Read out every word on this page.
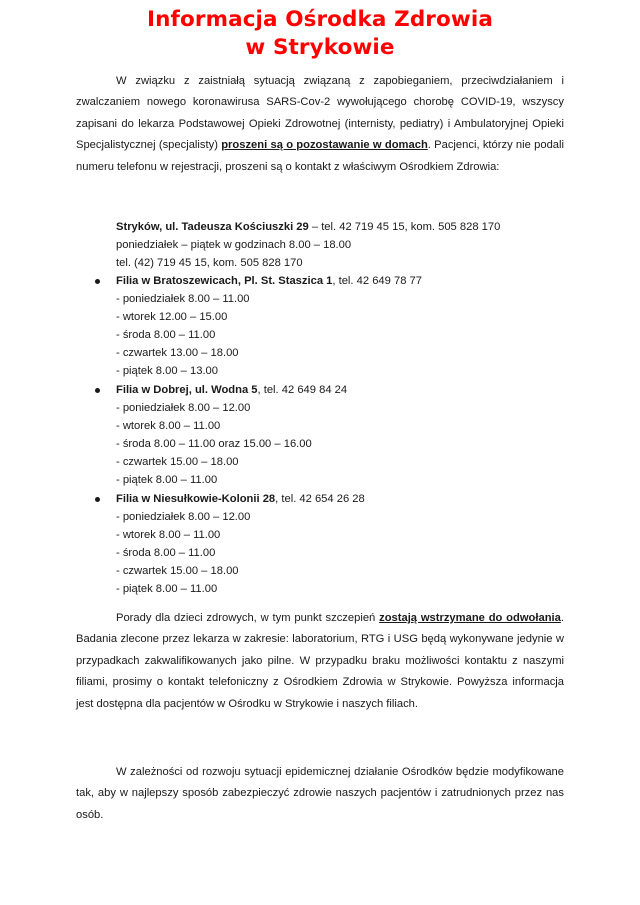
Informacja Ośrodka Zdrowia
w Strykowie

W związku z zaistniałą sytuacją związaną z zapobieganiem, przeciwdziałaniem i zwalczaniem nowego koronawirusa SARS-Cov-2 wywołującego chorobę COVID-19, wszyscy zapisani do lekarza Podstawowej Opieki Zdrowotnej (internisty, pediatry) i Ambulatoryjnej Opieki Specjalistycznej (specjalisty) proszeni są o pozostawanie w domach. Pacjenci, którzy nie podali numeru telefonu w rejestracji, proszeni są o kontakt z właściwym Ośrodkiem Zdrowia:

Stryków, ul. Tadeusza Kościuszki 29 – tel. 42 719 45 15, kom. 505 828 170
poniedziałek – piątek w godzinach 8.00 – 18.00
tel. (42) 719 45 15, kom. 505 828 170
Filia w Bratoszewicach, Pl. St. Staszica 1, tel. 42 649 78 77
- poniedziałek 8.00 – 11.00
- wtorek 12.00 – 15.00
- środa 8.00 – 11.00
- czwartek 13.00 – 18.00
- piątek 8.00 – 13.00
Filia w Dobrej, ul. Wodna 5, tel. 42 649 84 24
- poniedziałek 8.00 – 12.00
- wtorek 8.00 – 11.00
- środa 8.00 – 11.00 oraz 15.00 – 16.00
- czwartek 15.00 – 18.00
- piątek 8.00 – 11.00
Filia w Niesułkowie-Kolonii 28, tel. 42 654 26 28
- poniedziałek 8.00 – 12.00
- wtorek 8.00 – 11.00
- środa 8.00 – 11.00
- czwartek 15.00 – 18.00
- piątek 8.00 – 11.00

Porady dla dzieci zdrowych, w tym punkt szczepień zostają wstrzymane do odwołania. Badania zlecone przez lekarza w zakresie: laboratorium, RTG i USG będą wykonywane jedynie w przypadkach zakwalifikowanych jako pilne. W przypadku braku możliwości kontaktu z naszymi filiami, prosimy o kontakt telefoniczny z Ośrodkiem Zdrowia w Strykowie. Powyższa informacja jest dostępna dla pacjentów w Ośrodku w Strykowie i naszych filiach.

W zależności od rozwoju sytuacji epidemicznej działanie Ośrodków będzie modyfikowane tak, aby w najlepszy sposób zabezpieczyć zdrowie naszych pacjentów i zatrudnionych przez nas osób.
